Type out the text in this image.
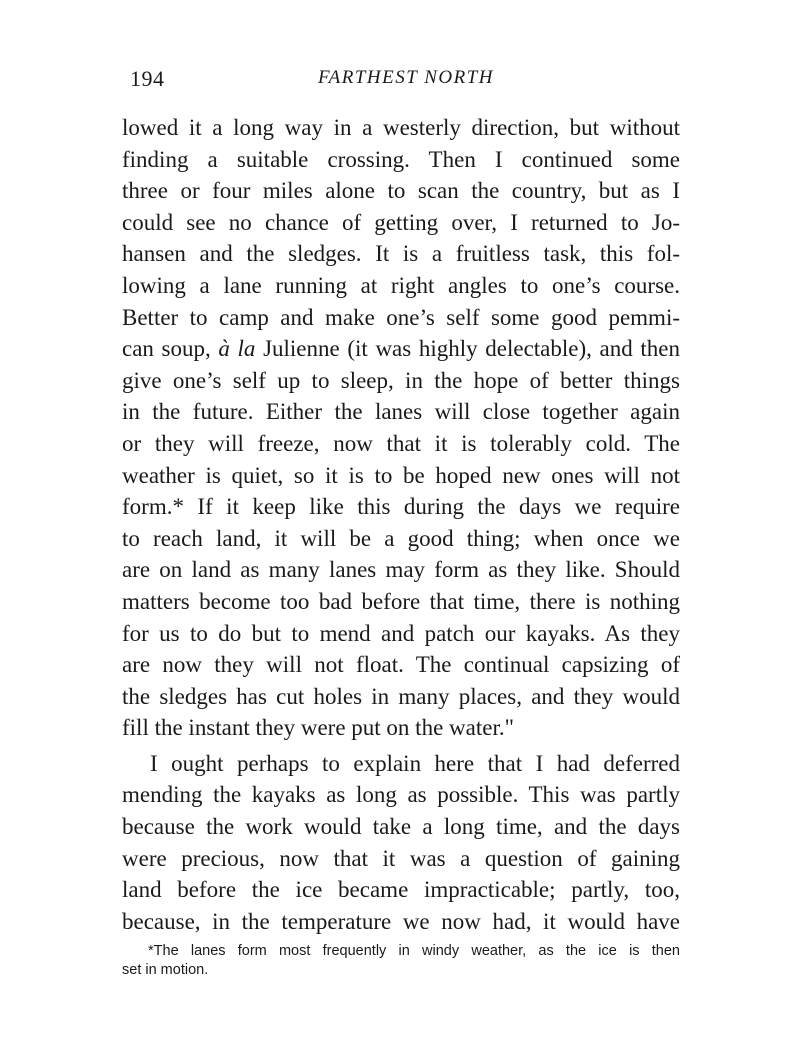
194	FARTHEST NORTH
lowed it a long way in a westerly direction, but without
finding a suitable crossing. Then I continued some
three or four miles alone to scan the country, but as I
could see no chance of getting over, I returned to Jo-
hansen and the sledges. It is a fruitless task, this fol-
lowing a lane running at right angles to one’s course.
Better to camp and make one’s self some good pemmi-
can soup, à la Julienne (it was highly delectable), and then
give one’s self up to sleep, in the hope of better things
in the future. Either the lanes will close together again
or they will freeze, now that it is tolerably cold. The
weather is quiet, so it is to be hoped new ones will not
form.* If it keep like this during the days we require
to reach land, it will be a good thing; when once we
are on land as many lanes may form as they like. Should
matters become too bad before that time, there is nothing
for us to do but to mend and patch our kayaks. As they
are now they will not float. The continual capsizing of
the sledges has cut holes in many places, and they would
fill the instant they were put on the water."
I ought perhaps to explain here that I had deferred
mending the kayaks as long as possible. This was partly
because the work would take a long time, and the days
were precious, now that it was a question of gaining
land before the ice became impracticable; partly, too,
because, in the temperature we now had, it would have
*The lanes form most frequently in windy weather, as the ice is then
set in motion.
